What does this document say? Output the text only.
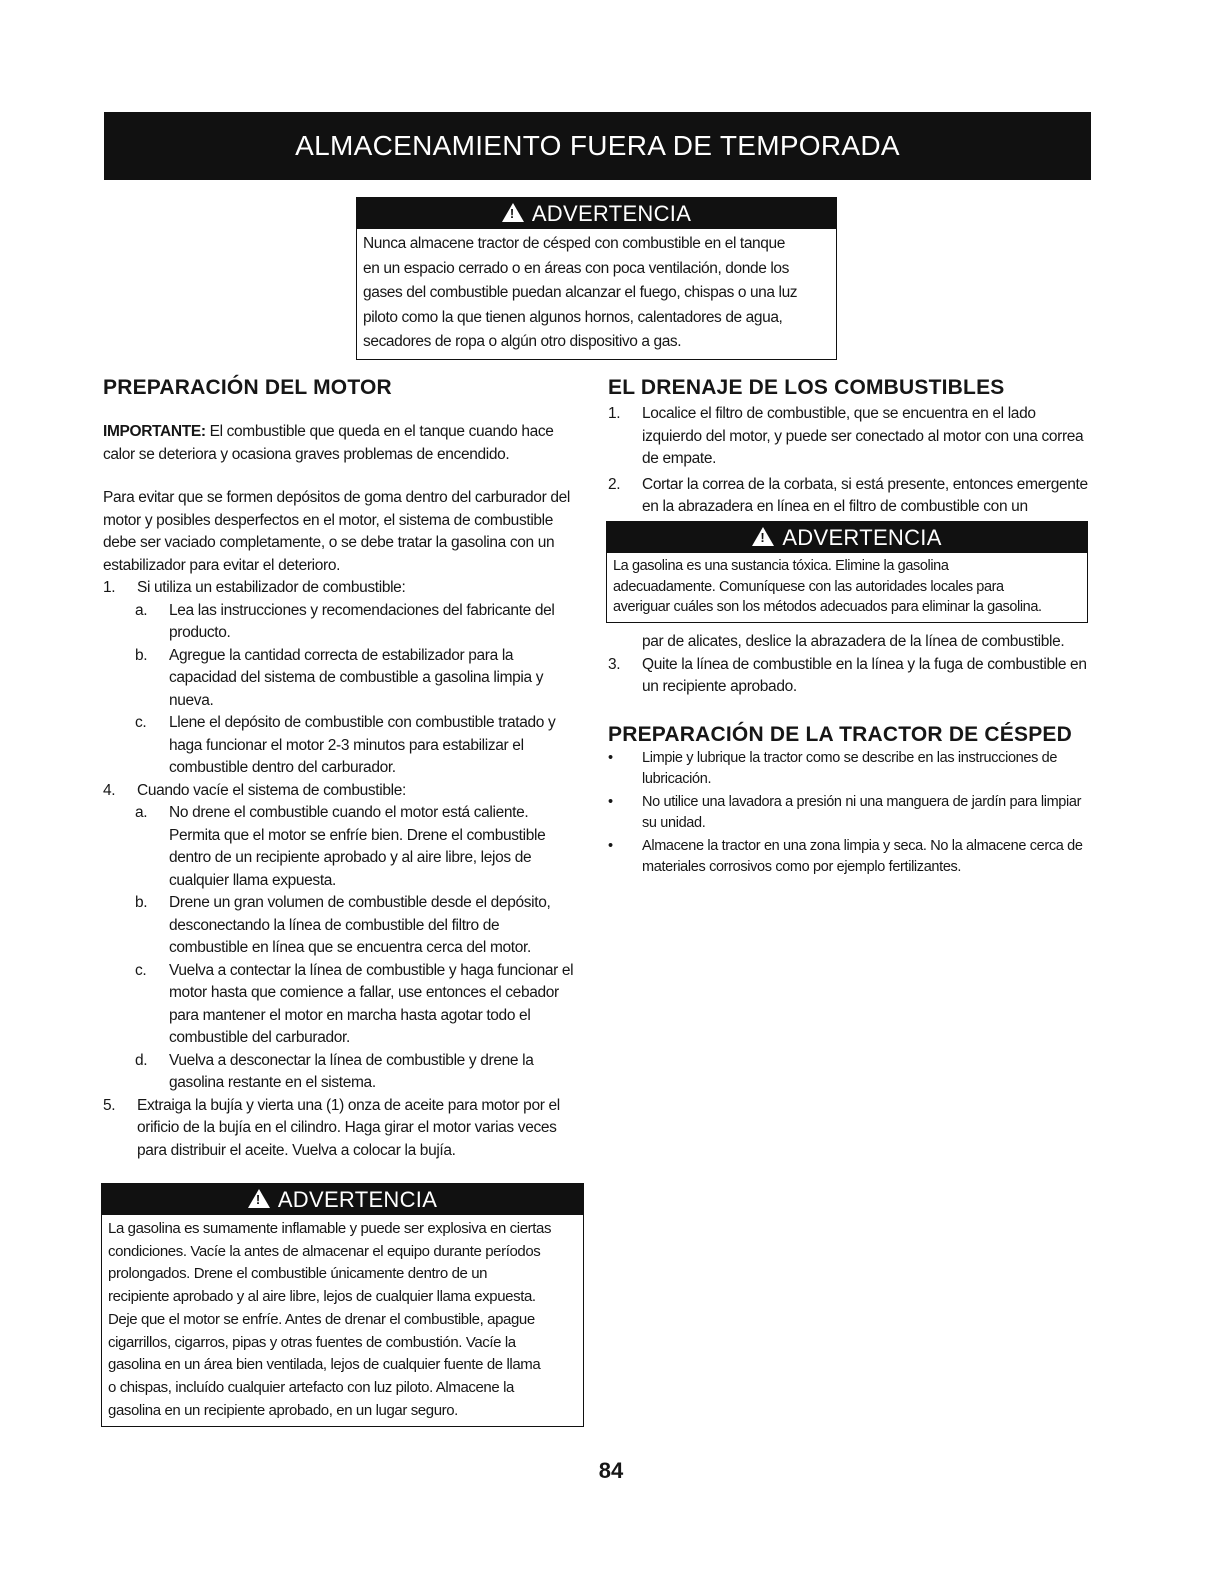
ALMACENAMIENTO FUERA DE TEMPORADA
!
ADVERTENCIA
Nunca almacene tractor de césped con combustible en el tanque
en un espacio cerrado o en áreas con poca ventilación, donde los
gases del combustible puedan alcanzar el fuego, chispas o una luz
piloto como la que tienen algunos hornos, calentadores de agua,
secadores de ropa o algún otro dispositivo a gas.
PREPARACIÓN DEL MOTOR

IMPORTANTE: El combustible que queda en el tanque cuando hace calor se deteriora y ocasiona graves problemas de encendido.

Para evitar que se formen depósitos de goma dentro del carburador del motor y posibles desperfectos en el motor, el sistema de combustible debe ser vaciado completamente, o se debe tratar la gasolina con un estabilizador para evitar el deterioro.

1.	Si utiliza un estabilizador de combustible:
a.	Lea las instrucciones y recomendaciones del fabricante del producto.
b.	Agregue la cantidad correcta de estabilizador para la capacidad del sistema de combustible a gasolina limpia y nueva.
c.	Llene el depósito de combustible con combustible tratado y haga funcionar el motor 2-3 minutos para estabilizar el combustible dentro del carburador.
4.	Cuando vacíe el sistema de combustible:
a.	No drene el combustible cuando el motor está caliente. Permita que el motor se enfríe bien. Drene el combustible dentro de un recipiente aprobado y al aire libre, lejos de cualquier llama expuesta.
b.	Drene un gran volumen de combustible desde el depósito, desconectando la línea de combustible del filtro de combustible en línea que se encuentra cerca del motor.
c.	Vuelva a contectar la línea de combustible y haga funcionar el motor hasta que comience a fallar, use entonces el cebador para mantener el motor en marcha hasta agotar todo el combustible del carburador.
d.	Vuelva a desconectar la línea de combustible y drene la gasolina restante en el sistema.
5.	Extraiga la bujía y vierta una (1) onza de aceite para motor por el orificio de la bujía en el cilindro. Haga girar el motor varias veces para distribuir el aceite. Vuelva a colocar la bujía.
!
ADVERTENCIA
La gasolina es sumamente inflamable y puede ser explosiva en ciertas
condiciones. Vacíe la antes de almacenar el equipo durante períodos
prolongados. Drene el combustible únicamente dentro de un
recipiente aprobado y al aire libre, lejos de cualquier llama expuesta.
Deje que el motor se enfríe. Antes de drenar el combustible, apague
cigarrillos, cigarros, pipas y otras fuentes de combustión. Vacíe la
gasolina en un área bien ventilada, lejos de cualquier fuente de llama
o chispas, incluído cualquier artefacto con luz piloto. Almacene la
gasolina en un recipiente aprobado, en un lugar seguro.
EL DRENAJE DE LOS COMBUSTIBLES
1.	Localice el filtro de combustible, que se encuentra en el lado izquierdo del motor, y puede ser conectado al motor con una correa de empate.
2.	Cortar la correa de la corbata, si está presente, entonces emergente en la abrazadera en línea en el filtro de combustible con un
!
ADVERTENCIA
La gasolina es una sustancia tóxica. Elimine la gasolina
adecuadamente. Comuníquese con las autoridades locales para
averiguar cuáles son los métodos adecuados para eliminar la gasolina.

par de alicates, deslice la abrazadera de la línea de combustible.

3.	Quite la línea de combustible en la línea y la fuga de combustible en un recipiente aprobado.
PREPARACIÓN DE LA TRACTOR DE CÉSPED
•	Limpie y lubrique la tractor como se describe en las instrucciones de lubricación.
•	No utilice una lavadora a presión ni una manguera de jardín para limpiar su unidad.
•	Almacene la tractor en una zona limpia y seca. No la almacene cerca de materiales corrosivos como por ejemplo fertilizantes.
84
